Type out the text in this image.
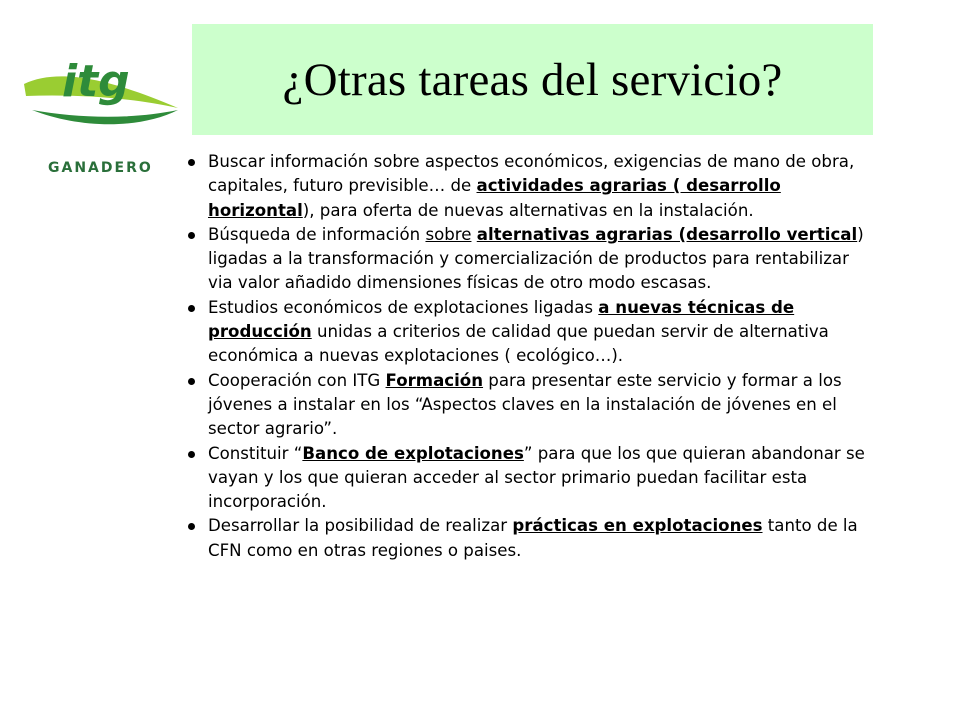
itg
GANADERO
¿Otras tareas del servicio?
Buscar información sobre aspectos económicos, exigencias de mano de obra, capitales, futuro previsible… de actividades agrarias ( desarrollo horizontal), para oferta de nuevas alternativas en la instalación.
Búsqueda de información sobre alternativas agrarias (desarrollo vertical) ligadas a la transformación y comercialización de productos para rentabilizar via valor añadido dimensiones físicas de otro modo escasas.
Estudios económicos de explotaciones ligadas a nuevas técnicas de producción unidas a criterios de calidad que puedan servir de alternativa económica a nuevas explotaciones ( ecológico…).
Cooperación con ITG Formación para presentar este servicio y formar a los jóvenes a instalar en los “Aspectos claves en la instalación de jóvenes en el sector agrario”.
Constituir “Banco de explotaciones” para que los que quieran abandonar se vayan y los que quieran acceder al sector primario puedan facilitar esta incorporación.
Desarrollar la posibilidad de realizar prácticas en explotaciones tanto de la CFN como en otras regiones o paises.
